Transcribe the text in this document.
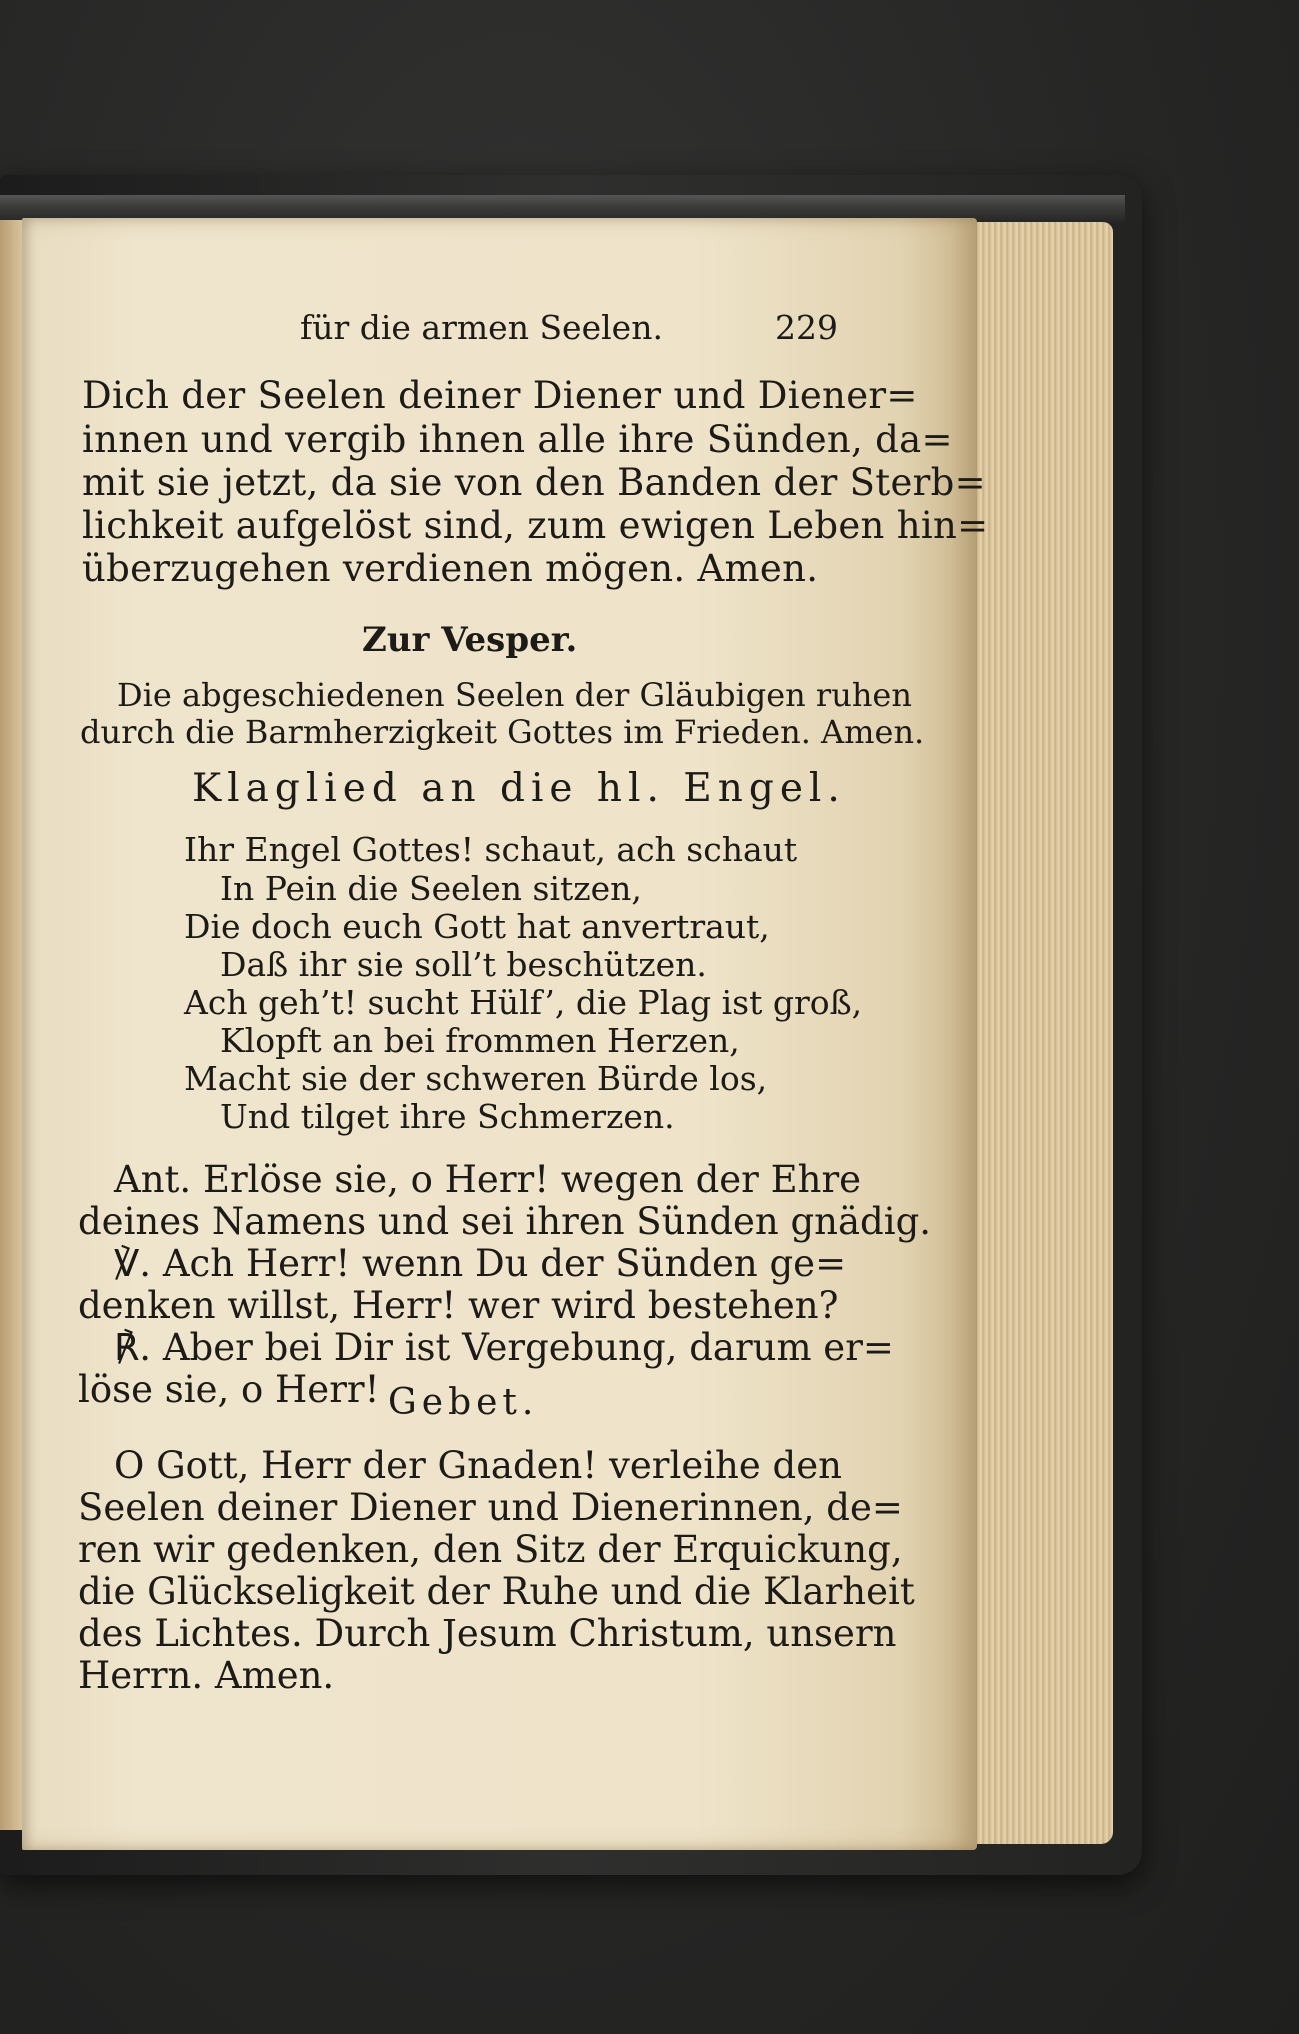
für die armen Seelen.	229
Dich der Seelen deiner Diener und Diener=
innen und vergib ihnen alle ihre Sünden, da=
mit sie jetzt, da sie von den Banden der Sterb=
lichkeit aufgelöst sind, zum ewigen Leben hin=
überzugehen verdienen mögen. Amen.
Zur Vesper.
Die abgeschiedenen Seelen der Gläubigen ruhen
durch die Barmherzigkeit Gottes im Frieden. Amen.
Klaglied an die hl. Engel.
Ihr Engel Gottes! schaut, ach schaut
In Pein die Seelen sitzen,
Die doch euch Gott hat anvertraut,
Daß ihr sie soll’t beschützen.
Ach geh’t! sucht Hülf’, die Plag ist groß,
Klopft an bei frommen Herzen,
Macht sie der schweren Bürde los,
Und tilget ihre Schmerzen.
Ant. Erlöse sie, o Herr! wegen der Ehre
deines Namens und sei ihren Sünden gnädig.
℣. Ach Herr! wenn Du der Sünden ge=
denken willst, Herr! wer wird bestehen?
℟. Aber bei Dir ist Vergebung, darum er=
löse sie, o Herr! Gebet.
O Gott, Herr der Gnaden! verleihe den
Seelen deiner Diener und Dienerinnen, de=
ren wir gedenken, den Sitz der Erquickung,
die Glückseligkeit der Ruhe und die Klarheit
des Lichtes. Durch Jesum Christum, unsern
Herrn. Amen.
